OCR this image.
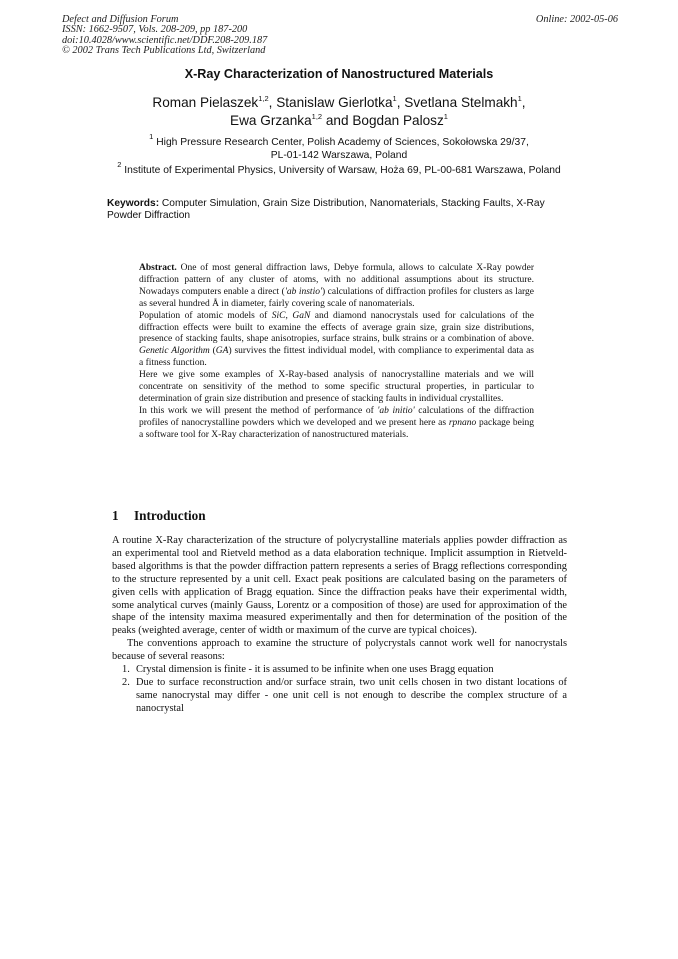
Defect and Diffusion Forum
ISSN: 1662-9507, Vols. 208-209, pp 187-200
doi:10.4028/www.scientific.net/DDF.208-209.187
© 2002 Trans Tech Publications Ltd, Switzerland
Online: 2002-05-06
X-Ray Characterization of Nanostructured Materials
Roman Pielaszek$^{1,2}$, Stanislaw Gierlotka$^1$, Svetlana Stelmakh$^1$,
Ewa Grzanka$^{1,2}$ and Bogdan Palosz$^1$
$^1$ High Pressure Research Center, Polish Academy of Sciences, Sokołowska 29/37,
PL-01-142 Warszawa, Poland
$^2$ Institute of Experimental Physics, University of Warsaw, Hoża 69, PL-00-681 Warszawa, Poland
Keywords: Computer Simulation, Grain Size Distribution, Nanomaterials, Stacking Faults, X-Ray Powder Diffraction

Abstract. One of most general diffraction laws, Debye formula, allows to calculate X-Ray powder diffraction pattern of any cluster of atoms, with no additional assumptions about its structure. Nowadays computers enable a direct ('ab instio') calculations of diffraction profiles for clusters as large as several hundred Å in diameter, fairly covering scale of nanomaterials.

Population of atomic models of SiC, GaN and diamond nanocrystals used for calculations of the diffraction effects were built to examine the effects of average grain size, grain size distributions, presence of stacking faults, shape anisotropies, surface strains, bulk strains or a combination of above. Genetic Algorithm (GA) survives the fittest individual model, with compliance to experimental data as a fitness function.

Here we give some examples of X-Ray-based analysis of nanocrystalline materials and we will concentrate on sensitivity of the method to some specific structural properties, in particular to determination of grain size distribution and presence of stacking faults in individual crystallites.

In this work we will present the method of performance of 'ab initio' calculations of the diffraction profiles of nanocrystalline powders which we developed and we present here as rpnano package being a software tool for X-Ray characterization of nanostructured materials.

1 Introduction

A routine X-Ray characterization of the structure of polycrystalline materials applies powder diffraction as an experimental tool and Rietveld method as a data elaboration technique. Implicit assumption in Rietveld-based algorithms is that the powder diffraction pattern represents a series of Bragg reflections corresponding to the structure represented by a unit cell. Exact peak positions are calculated basing on the parameters of given cells with application of Bragg equation. Since the diffraction peaks have their experimental width, some analytical curves (mainly Gauss, Lorentz or a composition of those) are used for approximation of the shape of the intensity maxima measured experimentally and then for determination of the position of the peaks (weighted average, center of width or maximum of the curve are typical choices).

The conventions approach to examine the structure of polycrystals cannot work well for nanocrystals because of several reasons:

1. Crystal dimension is finite - it is assumed to be infinite when one uses Bragg equation
2. Due to surface reconstruction and/or surface strain, two unit cells chosen in two distant locations of same nanocrystal may differ - one unit cell is not enough to describe the complex structure of a nanocrystal
